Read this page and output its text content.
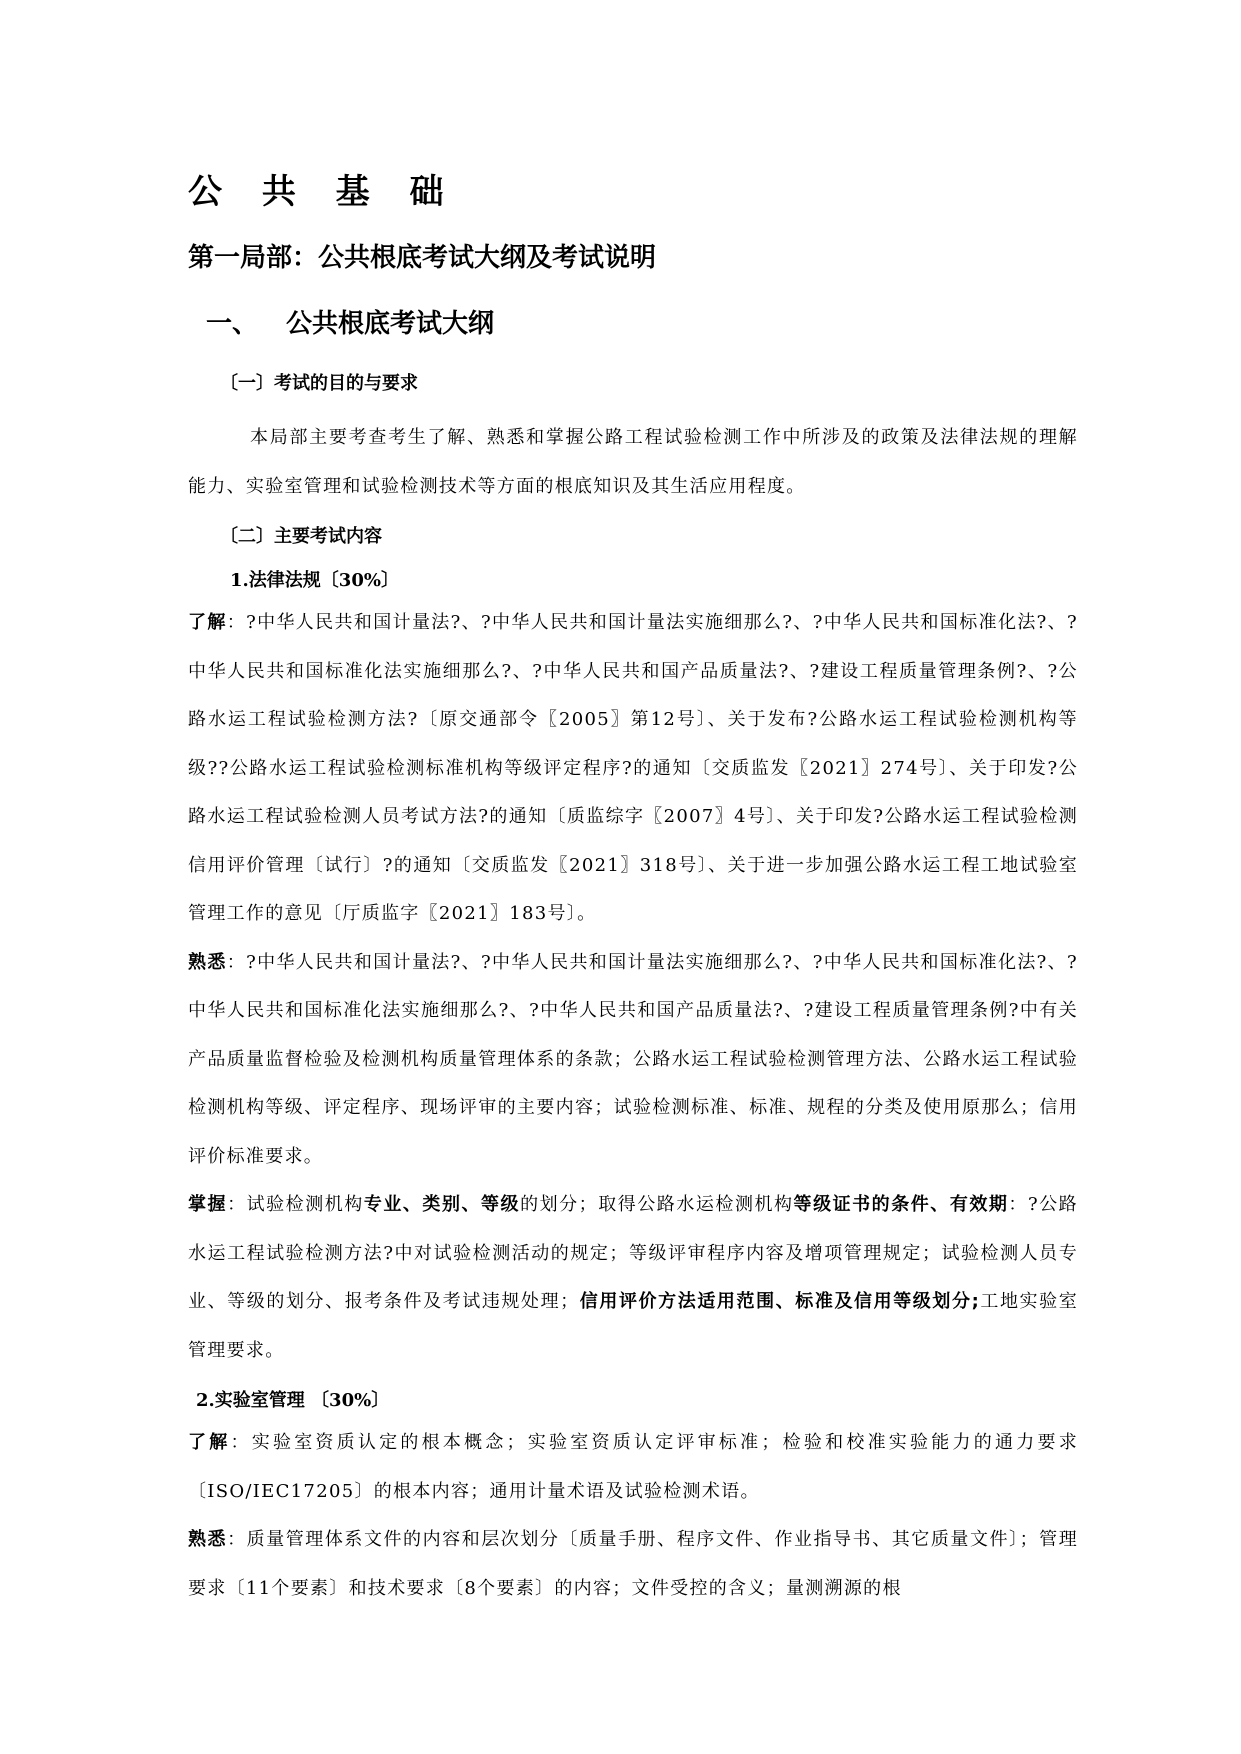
公 共 基 础
第一局部：公共根底考试大纲及考试说明
一、 公共根底考试大纲
〔一〕考试的目的与要求

本局部主要考查考生了解、熟悉和掌握公路工程试验检测工作中所涉及的政策及法律法规的理解能力、实验室管理和试验检测技术等方面的根底知识及其生活应用程度。

〔二〕主要考试内容
1.法律法规〔30%〕

了解：?中华人民共和国计量法?、?中华人民共和国计量法实施细那么?、?中华人民共和国标准化法?、?中华人民共和国标准化法实施细那么?、?中华人民共和国产品质量法?、?建设工程质量管理条例?、?公路水运工程试验检测方法?〔原交通部令〖2005〗第12号〕、关于发布?公路水运工程试验检测机构等级??公路水运工程试验检测标准机构等级评定程序?的通知〔交质监发〖2021〗274号〕、关于印发?公路水运工程试验检测人员考试方法?的通知〔质监综字〖2007〗4号〕、关于印发?公路水运工程试验检测信用评价管理〔试行〕?的通知〔交质监发〖2021〗318号〕、关于进一步加强公路水运工程工地试验室管理工作的意见〔厅质监字〖2021〗183号〕。

熟悉：?中华人民共和国计量法?、?中华人民共和国计量法实施细那么?、?中华人民共和国标准化法?、?中华人民共和国标准化法实施细那么?、?中华人民共和国产品质量法?、?建设工程质量管理条例?中有关产品质量监督检验及检测机构质量管理体系的条款；公路水运工程试验检测管理方法、公路水运工程试验检测机构等级、评定程序、现场评审的主要内容；试验检测标准、标准、规程的分类及使用原那么；信用评价标准要求。

掌握：试验检测机构专业、类别、等级的划分；取得公路水运检测机构等级证书的条件、有效期：?公路水运工程试验检测方法?中对试验检测活动的规定；等级评审程序内容及增项管理规定；试验检测人员专业、等级的划分、报考条件及考试违规处理；信用评价方法适用范围、标准及信用等级划分;工地实验室管理要求。

2.实验室管理 〔30%〕

了解：实验室资质认定的根本概念；实验室资质认定评审标准；检验和校准实验能力的通力要求〔ISO/IEC17205〕的根本内容；通用计量术语及试验检测术语。

熟悉：质量管理体系文件的内容和层次划分〔质量手册、程序文件、作业指导书、其它质量文件〕；管理要求〔11个要素〕和技术要求〔8个要素〕的内容；文件受控的含义；量测溯源的根
